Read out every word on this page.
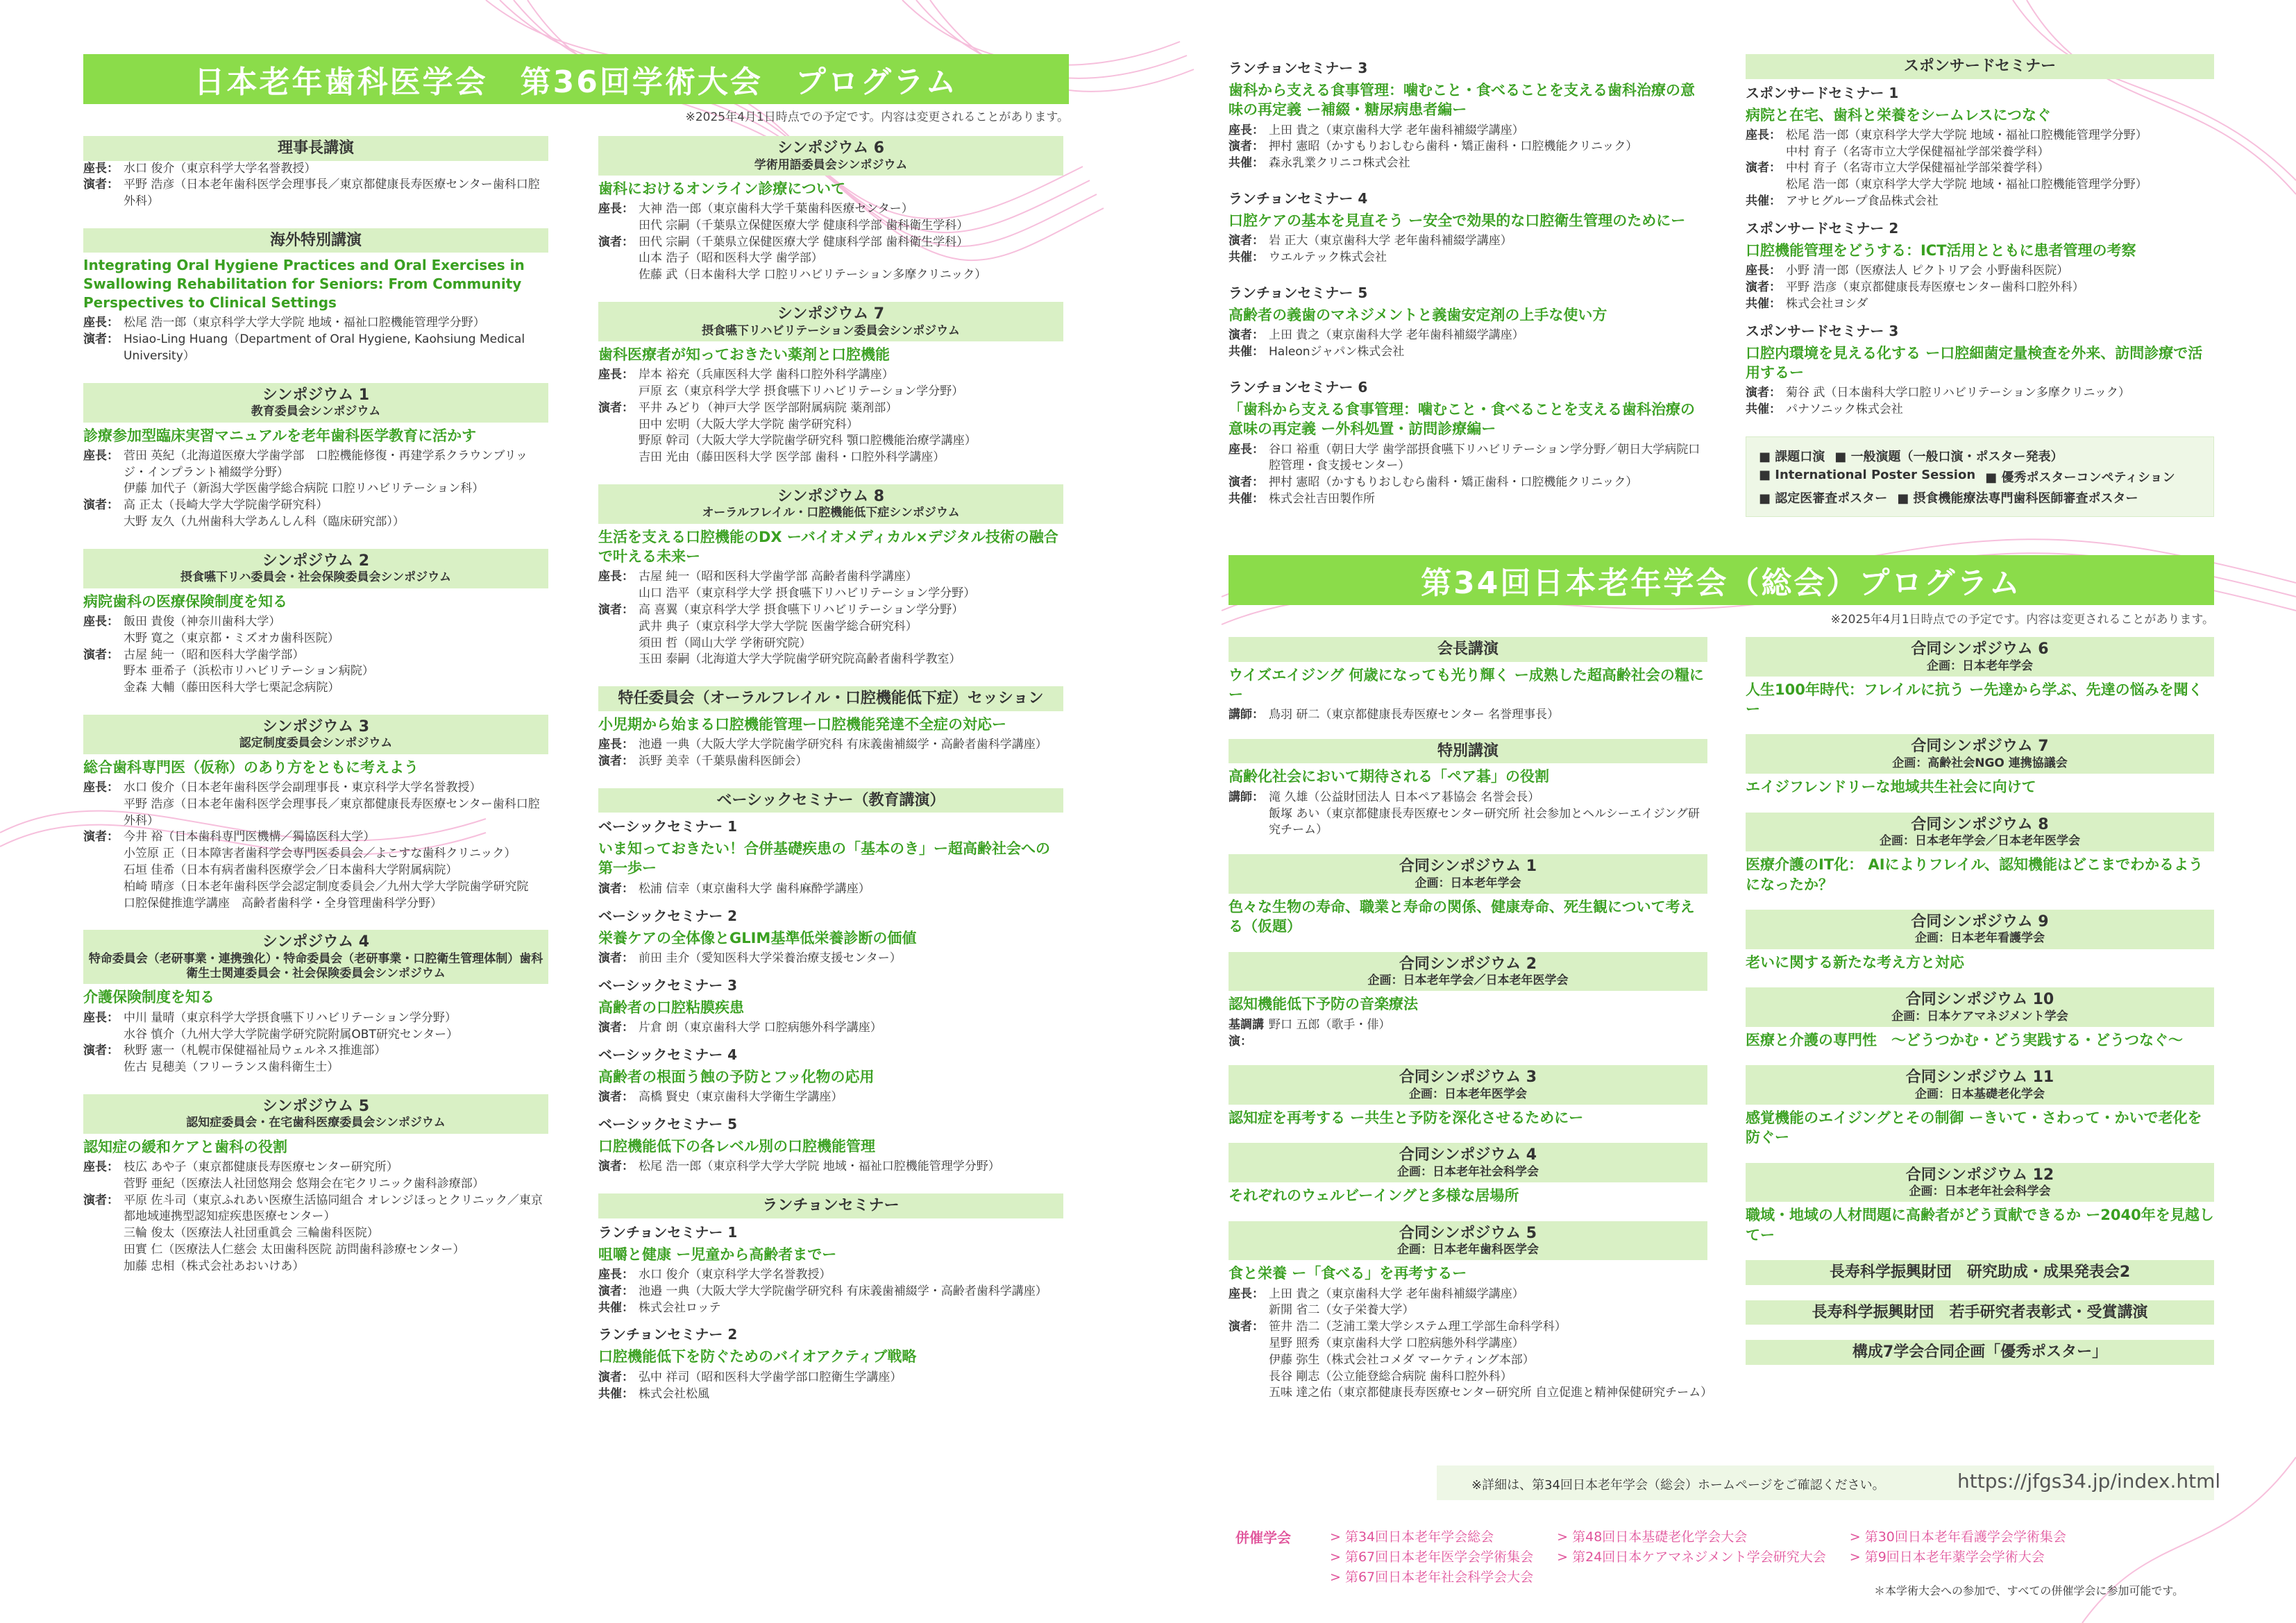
日本老年歯科医学会　第36回学術大会　プログラム
※2025年4月1日時点での予定です。内容は変更されることがあります。
理事長講演
座長： 水口 俊介（東京科学大学名誉教授）
演者： 平野 浩彦（日本老年歯科医学会理事長／東京都健康長寿医療センター歯科口腔外科）
海外特別講演
Integrating Oral Hygiene Practices and Oral Exercises in Swallowing Rehabilitation for Seniors: From Community Perspectives to Clinical Settings
座長： 松尾 浩一郎（東京科学大学大学院 地域・福祉口腔機能管理学分野）
演者： Hsiao-Ling Huang（Department of Oral Hygiene, Kaohsiung Medical University）
シンポジウム 1
教育委員会シンポジウム
診療参加型臨床実習マニュアルを老年歯科医学教育に活かす
座長： 菅田 英紀（北海道医療大学歯学部　口腔機能修復・再建学系クラウンブリッジ・インプラント補綴学分野）
伊藤 加代子（新潟大学医歯学総合病院 口腔リハビリテーション科）
演者： 高 正太（長崎大学大学院歯学研究科）
大野 友久（九州歯科大学あんしん科（臨床研究部））
シンポジウム 2
摂食嚥下リハ委員会・社会保険委員会シンポジウム
病院歯科の医療保険制度を知る
座長： 飯田 貴俊（神奈川歯科大学）
木野 寛之（東京都・ミズオカ歯科医院）
演者： 古屋 純一（昭和医科大学歯学部）
野本 亜希子（浜松市リハビリテーション病院）
金森 大輔（藤田医科大学七栗記念病院）
シンポジウム 3
認定制度委員会シンポジウム
総合歯科専門医（仮称）のあり方をともに考えよう
座長： 水口 俊介（日本老年歯科医学会副理事長・東京科学大学名誉教授）
平野 浩彦（日本老年歯科医学会理事長／東京都健康長寿医療センター歯科口腔外科）
演者： 今井 裕（日本歯科専門医機構／獨協医科大学）
小笠原 正（日本障害者歯科学会専門医委員会／よこすな歯科クリニック）
石垣 佳希（日本有病者歯科医療学会／日本歯科大学附属病院）
柏崎 晴彦（日本老年歯科医学会認定制度委員会／九州大学大学院歯学研究院　口腔保健推進学講座　高齢者歯科学・全身管理歯科学分野）
シンポジウム 4
特命委員会（老研事業・連携強化）・特命委員会（老研事業・口腔衛生管理体制）歯科衛生士関連委員会・社会保険委員会シンポジウム
介護保険制度を知る
座長： 中川 量晴（東京科学大学摂食嚥下リハビリテーション学分野）
水谷 慎介（九州大学大学院歯学研究院附属OBT研究センター）
演者： 秋野 憲一（札幌市保健福祉局ウェルネス推進部）
佐古 見穂美（フリーランス歯科衛生士）
シンポジウム 5
認知症委員会・在宅歯科医療委員会シンポジウム
認知症の緩和ケアと歯科の役割
座長： 枝広 あや子（東京都健康長寿医療センター研究所）
菅野 亜紀（医療法人社団悠翔会 悠翔会在宅クリニック歯科診療部）
演者： 平原 佐斗司（東京ふれあい医療生活協同組合 オレンジほっとクリニック／東京都地域連携型認知症疾患医療センター）
三輪 俊太（医療法人社団重眞会 三輪歯科医院）
田實 仁（医療法人仁慈会 太田歯科医院 訪問歯科診療センター）
加藤 忠相（株式会社あおいけあ）
シンポジウム 6
学術用語委員会シンポジウム
歯科におけるオンライン診療について
座長： 大神 浩一郎（東京歯科大学千葉歯科医療センター）
田代 宗嗣（千葉県立保健医療大学 健康科学部 歯科衛生学科）
演者： 田代 宗嗣（千葉県立保健医療大学 健康科学部 歯科衛生学科）
山本 浩子（昭和医科大学 歯学部）
佐藤 武（日本歯科大学 口腔リハビリテーション多摩クリニック）
シンポジウム 7
摂食嚥下リハビリテーション委員会シンポジウム
歯科医療者が知っておきたい薬剤と口腔機能
座長： 岸本 裕充（兵庫医科大学 歯科口腔外科学講座）
戸原 玄（東京科学大学 摂食嚥下リハビリテーション学分野）
演者： 平井 みどり（神戸大学 医学部附属病院 薬剤部）
田中 宏明（大阪大学大学院 歯学研究科）
野原 幹司（大阪大学大学院歯学研究科 顎口腔機能治療学講座）
吉田 光由（藤田医科大学 医学部 歯科・口腔外科学講座）
シンポジウム 8
オーラルフレイル・口腔機能低下症シンポジウム
生活を支える口腔機能のDX ーバイオメディカル×デジタル技術の融合で叶える未来ー
座長： 古屋 純一（昭和医科大学歯学部 高齢者歯科学講座）
山口 浩平（東京科学大学 摂食嚥下リハビリテーション学分野）
演者： 高 喜翼（東京科学大学 摂食嚥下リハビリテーション学分野）
武井 典子（東京科学大学大学院 医歯学総合研究科）
須田 哲（岡山大学 学術研究院）
玉田 泰嗣（北海道大学大学院歯学研究院高齢者歯科学教室）
特任委員会（オーラルフレイル・口腔機能低下症）セッション
小児期から始まる口腔機能管理ー口腔機能発達不全症の対応ー
座長： 池邉 一典（大阪大学大学院歯学研究科 有床義歯補綴学・高齢者歯科学講座）
演者： 浜野 美幸（千葉県歯科医師会）
ベーシックセミナー（教育講演）
ベーシックセミナー 1
いま知っておきたい！合併基礎疾患の「基本のき」ー超高齢社会への第一歩ー
演者： 松浦 信幸（東京歯科大学 歯科麻酔学講座）
ベーシックセミナー 2
栄養ケアの全体像とGLIM基準低栄養診断の価値
演者： 前田 圭介（愛知医科大学栄養治療支援センター）
ベーシックセミナー 3
高齢者の口腔粘膜疾患
演者： 片倉 朗（東京歯科大学 口腔病態外科学講座）
ベーシックセミナー 4
高齢者の根面う蝕の予防とフッ化物の応用
演者： 高橋 賢史（東京歯科大学衛生学講座）
ベーシックセミナー 5
口腔機能低下の各レベル別の口腔機能管理
演者： 松尾 浩一郎（東京科学大学大学院 地域・福祉口腔機能管理学分野）
ランチョンセミナー
ランチョンセミナー 1
咀嚼と健康 ー児童から高齢者までー
座長： 水口 俊介（東京科学大学名誉教授）
演者： 池邉 一典（大阪大学大学院歯学研究科 有床義歯補綴学・高齢者歯科学講座）
共催： 株式会社ロッテ
ランチョンセミナー 2
口腔機能低下を防ぐためのバイオアクティブ戦略
演者： 弘中 祥司（昭和医科大学歯学部口腔衛生学講座）
共催： 株式会社松風
ランチョンセミナー 3
歯科から支える食事管理：噛むこと・食べることを支える歯科治療の意味の再定義 ー補綴・糖尿病患者編ー
座長： 上田 貴之（東京歯科大学 老年歯科補綴学講座）
演者： 押村 憲昭（かすもりおしむら歯科・矯正歯科・口腔機能クリニック）
共催： 森永乳業クリニコ株式会社
ランチョンセミナー 4
口腔ケアの基本を見直そう ー安全で効果的な口腔衛生管理のためにー
演者： 岩 正大（東京歯科大学 老年歯科補綴学講座）
共催： ウエルテック株式会社
ランチョンセミナー 5
高齢者の義歯のマネジメントと義歯安定剤の上手な使い方
演者： 上田 貴之（東京歯科大学 老年歯科補綴学講座）
共催： Haleonジャパン株式会社
ランチョンセミナー 6
「歯科から支える食事管理：噛むこと・食べることを支える歯科治療の意味の再定義 ー外科処置・訪問診療編ー
座長： 谷口 裕重（朝日大学 歯学部摂食嚥下リハビリテーション学分野／朝日大学病院口腔管理・食支援センター）
演者： 押村 憲昭（かすもりおしむら歯科・矯正歯科・口腔機能クリニック）
共催： 株式会社吉田製作所
スポンサードセミナー
スポンサードセミナー 1
病院と在宅、歯科と栄養をシームレスにつなぐ
座長： 松尾 浩一郎（東京科学大学大学院 地域・福祉口腔機能管理学分野）
中村 育子（名寄市立大学保健福祉学部栄養学科）
演者： 中村 育子（名寄市立大学保健福祉学部栄養学科）
松尾 浩一郎（東京科学大学大学院 地域・福祉口腔機能管理学分野）
共催： アサヒグループ食品株式会社
スポンサードセミナー 2
口腔機能管理をどうする：ICT活用とともに患者管理の考察
座長： 小野 清一郎（医療法人 ピクトリア会 小野歯科医院）
演者： 平野 浩彦（東京都健康長寿医療センター歯科口腔外科）
共催： 株式会社ヨシダ
スポンサードセミナー 3
口腔内環境を見える化する ー口腔細菌定量検査を外来、訪問診療で活用するー
演者： 菊谷 武（日本歯科大学口腔リハビリテーション多摩クリニック）
共催： パナソニック株式会社
■ 課題口演	■ 一般演題（一般口演・ポスター発表）
■ International Poster Session	■ 優秀ポスターコンペティション
■ 認定医審査ポスター	■ 摂食機能療法専門歯科医師審査ポスター
第34回日本老年学会（総会）プログラム
※2025年4月1日時点での予定です。内容は変更されることがあります。
会長講演
ウイズエイジング 何歳になっても光り輝く ー成熟した超高齢社会の糧にー
講師： 鳥羽 研二（東京都健康長寿医療センター 名誉理事長）
特別講演
高齢化社会において期待される「ペア碁」の役割
講師： 滝 久雄（公益財団法人 日本ペア碁協会 名誉会長）
飯塚 あい（東京都健康長寿医療センター研究所 社会参加とヘルシーエイジング研究チーム）
合同シンポジウム 1
企画：日本老年学会
色々な生物の寿命、職業と寿命の関係、健康寿命、死生観について考える（仮題）
合同シンポジウム 2
企画：日本老年学会／日本老年医学会
認知機能低下予防の音楽療法
基調講演：
野口 五郎（歌手・俳）
合同シンポジウム 3
企画：日本老年医学会
認知症を再考する ー共生と予防を深化させるためにー
合同シンポジウム 4
企画：日本老年社会科学会
それぞれのウェルビーイングと多様な居場所
合同シンポジウム 5
企画：日本老年歯科医学会
食と栄養 ー「食べる」を再考するー
座長： 上田 貴之（東京歯科大学 老年歯科補綴学講座）
新開 省二（女子栄養大学）
演者： 笹井 浩二（芝浦工業大学システム理工学部生命科学科）
星野 照秀（東京歯科大学 口腔病態外科学講座）
伊藤 弥生（株式会社コメダ マーケティング本部）
長谷 剛志（公立能登総合病院 歯科口腔外科）
五味 達之佑（東京都健康長寿医療センター研究所 自立促進と精神保健研究チーム）
合同シンポジウム 6
企画：日本老年学会
人生100年時代：フレイルに抗う ー先達から学ぶ、先達の悩みを聞くー
合同シンポジウム 7
企画：高齢社会NGO 連携協議会
エイジフレンドリーな地域共生社会に向けて
合同シンポジウム 8
企画：日本老年学会／日本老年医学会
医療介護のIT化： AIによりフレイル、認知機能はどこまでわかるようになったか？
合同シンポジウム 9
企画：日本老年看護学会
老いに関する新たな考え方と対応
合同シンポジウム 10
企画：日本ケアマネジメント学会
医療と介護の専門性　〜どうつかむ・どう実践する・どうつなぐ〜
合同シンポジウム 11
企画：日本基礎老化学会
感覚機能のエイジングとその制御 ーきいて・さわって・かいで老化を防ぐー
合同シンポジウム 12
企画：日本老年社会科学会
職域・地域の人材問題に高齢者がどう貢献できるか ー2040年を見越してー
長寿科学振興財団　研究助成・成果発表会2
長寿科学振興財団　若手研究者表彰式・受賞講演
構成7学会合同企画「優秀ポスター」
※詳細は、第34回日本老年学会（総会）ホームページをご確認ください。	https://jfgs34.jp/index.html
併催学会	> 第34回日本老年学会総会	> 第48回日本基礎老化学会大会	> 第30回日本老年看護学会学術集会
> 第67回日本老年医学会学術集会	> 第24回日本ケアマネジメント学会研究大会	> 第9回日本老年薬学会学術大会
> 第67回日本老年社会科学会大会
＊本学術大会への参加で、すべての併催学会に参加可能です。
